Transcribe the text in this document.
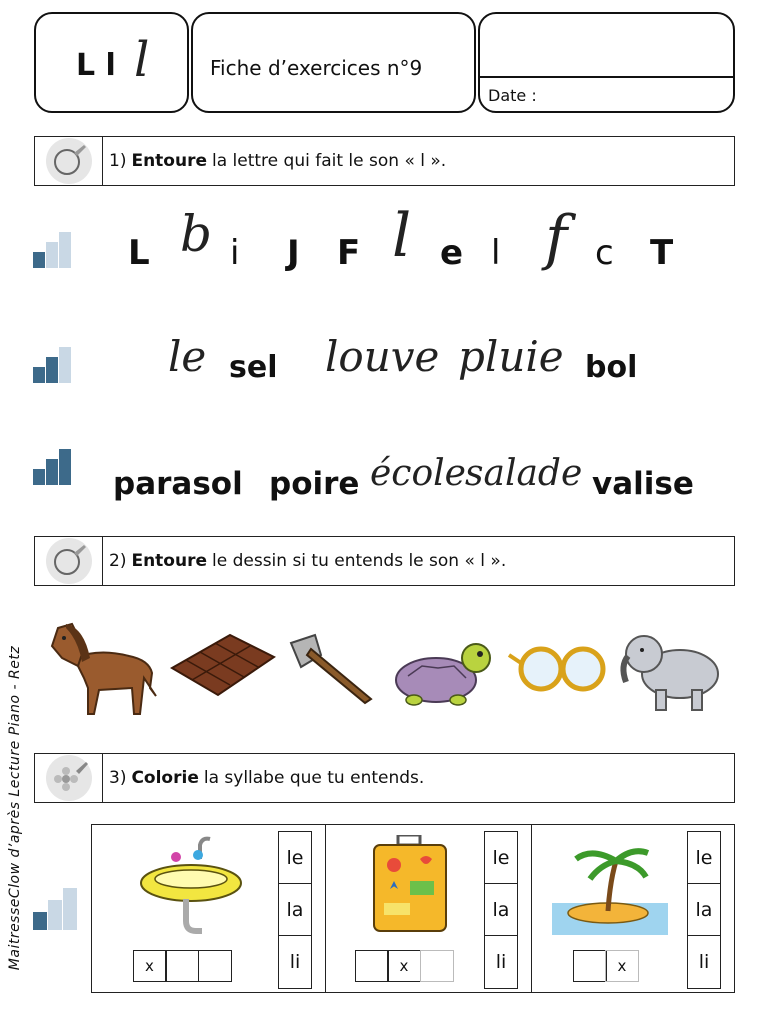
L l l	Fiche d’exercices n°9
Date :
1) Entoure la lettre qui fait le son « l ».
L b i J F l e l f c T
le sel louve pluie bol
parasol poire école salade valise
2) Entoure le dessin si tu entends le son « l ».
3) Colorie la syllabe que tu entends.
le
la
li
x
le
la
li
x
le
la
li
x
MaitresseClow d’après Lecture Piano - Retz
